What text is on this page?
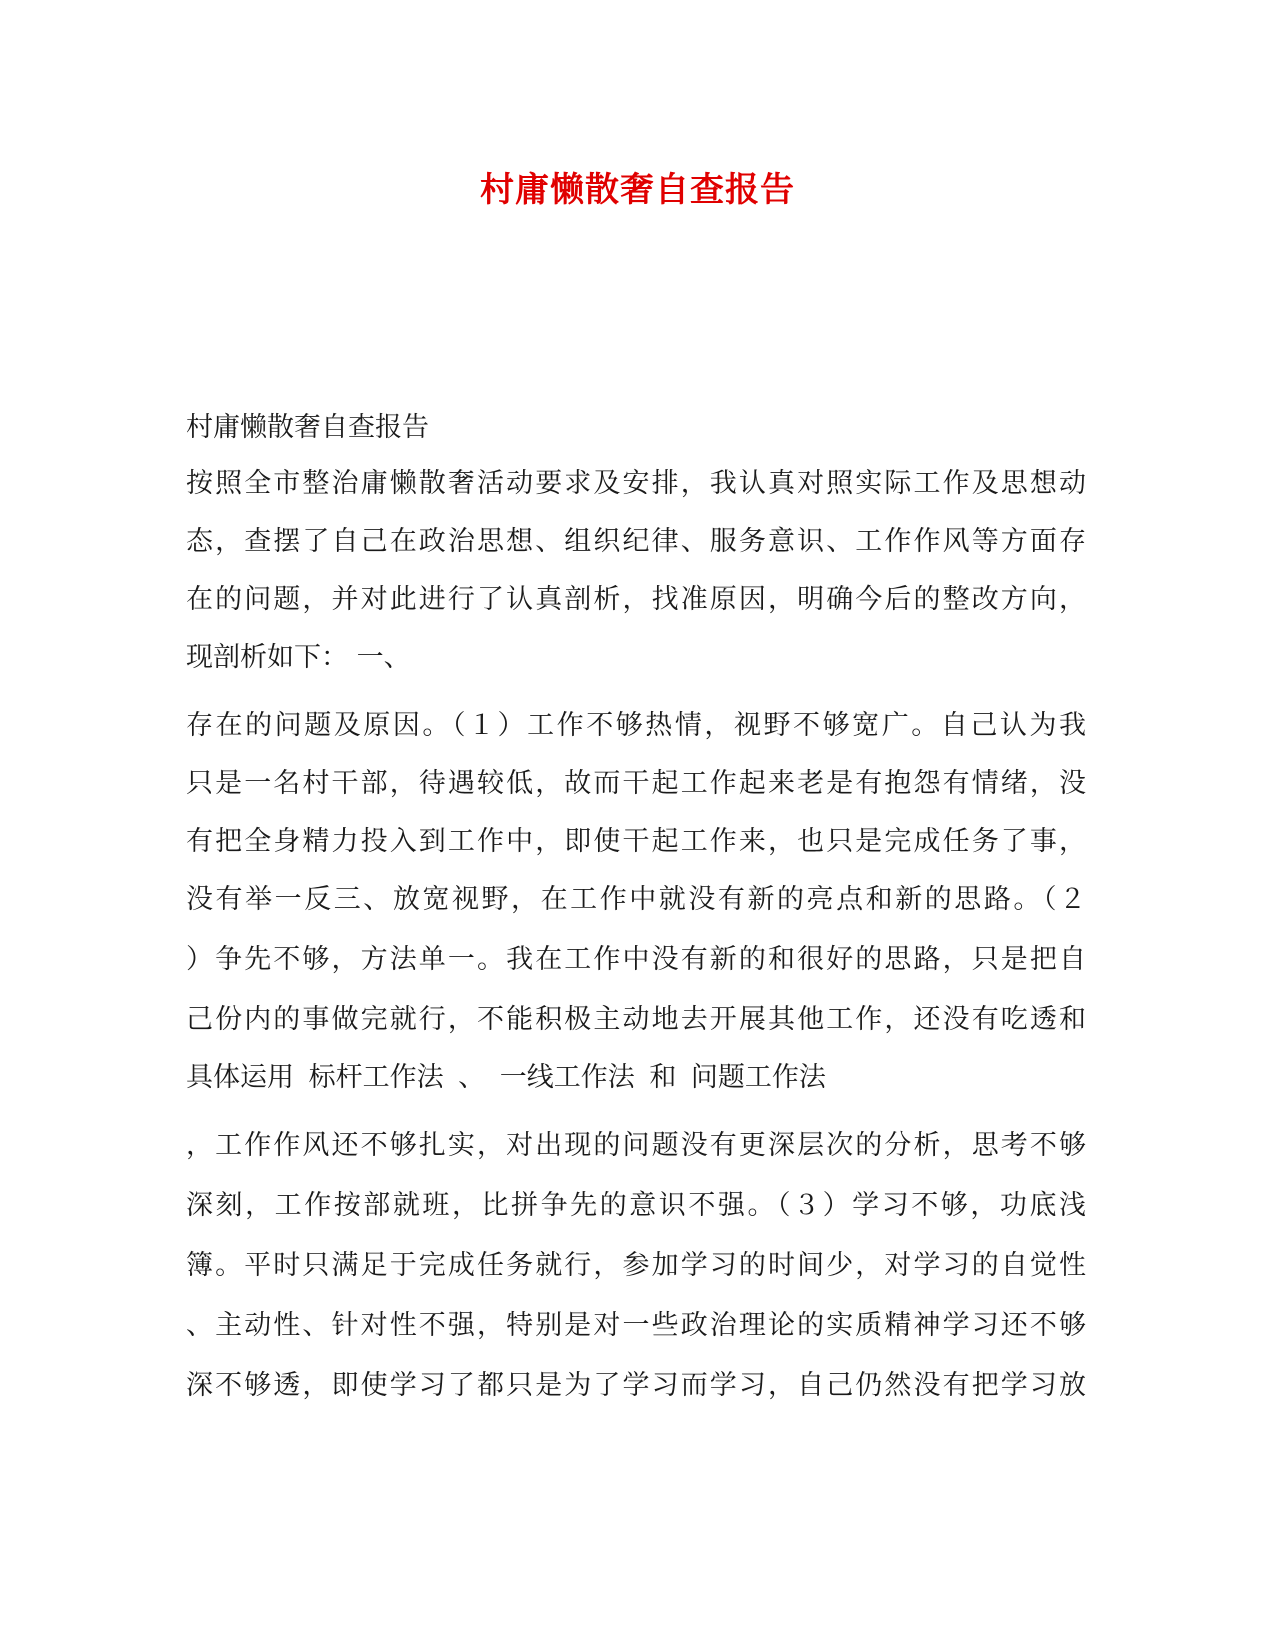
村庸懒散奢自查报告
村庸懒散奢自查报告
按照全市整治庸懒散奢活动要求及安排，我认真对照实际工作及思想动
态，查摆了自己在政治思想、组织纪律、服务意识、工作作风等方面存
在的问题，并对此进行了认真剖析，找准原因，明确今后的整改方向，
现剖析如下： 一、
存在的问题及原因。（１）工作不够热情，视野不够宽广。自己认为我
只是一名村干部，待遇较低，故而干起工作起来老是有抱怨有情绪，没
有把全身精力投入到工作中，即使干起工作来，也只是完成任务了事，
没有举一反三、放宽视野，在工作中就没有新的亮点和新的思路。（２
）争先不够，方法单一。我在工作中没有新的和很好的思路，只是把自
己份内的事做完就行，不能积极主动地去开展其他工作，还没有吃透和
具体运用 标杆工作法 、 一线工作法 和 问题工作法
，工作作风还不够扎实，对出现的问题没有更深层次的分析，思考不够
深刻，工作按部就班，比拼争先的意识不强。（３）学习不够，功底浅
簿。平时只满足于完成任务就行，参加学习的时间少，对学习的自觉性
、主动性、针对性不强，特别是对一些政治理论的实质精神学习还不够
深不够透，即使学习了都只是为了学习而学习，自己仍然没有把学习放
